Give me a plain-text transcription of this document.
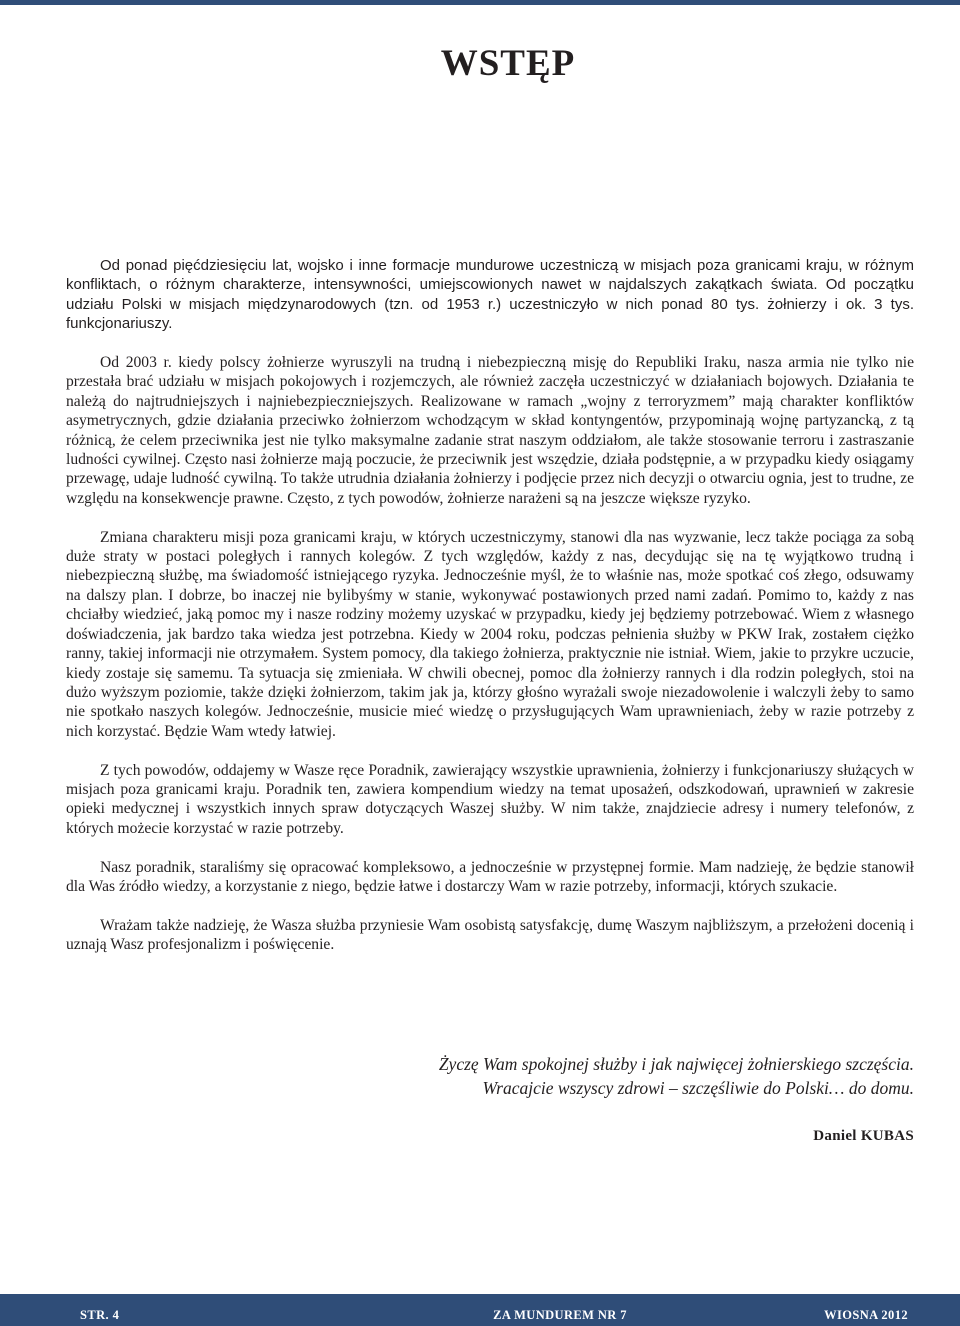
WSTĘP

Od ponad pięćdziesięciu lat, wojsko i inne formacje mundurowe uczestniczą w misjach poza granicami kraju, w różnym konfliktach, o różnym charakterze, intensywności, umiejscowionych nawet w najdalszych zakątkach świata. Od początku udziału Polski w misjach międzynarodowych (tzn. od 1953 r.) uczestniczyło w nich ponad 80 tys. żołnierzy i ok. 3 tys. funkcjonariuszy.

Od 2003 r. kiedy polscy żołnierze wyruszyli na trudną i niebezpieczną misję do Republiki Iraku, nasza armia nie tylko nie przestała brać udziału w misjach pokojowych i rozjemczych, ale również zaczęła uczestniczyć w działaniach bojowych. Działania te należą do najtrudniejszych i najniebezpieczniejszych. Realizowane w ramach „wojny z terroryzmem” mają charakter konfliktów asymetrycznych, gdzie działania przeciwko żołnierzom wchodzącym w skład kontyngentów, przypominają wojnę partyzancką, z tą różnicą, że celem przeciwnika jest nie tylko maksymalne zadanie strat naszym oddziałom, ale także stosowanie terroru i zastraszanie ludności cywilnej. Często nasi żołnierze mają poczucie, że przeciwnik jest wszędzie, działa podstępnie, a w przypadku kiedy osiągamy przewagę, udaje ludność cywilną. To także utrudnia działania żołnierzy i podjęcie przez nich decyzji o otwarciu ognia, jest to trudne, ze względu na konsekwencje prawne. Często, z tych powodów, żołnierze narażeni są na jeszcze większe ryzyko.

Zmiana charakteru misji poza granicami kraju, w których uczestniczymy, stanowi dla nas wyzwanie, lecz także pociąga za sobą duże straty w postaci poległych i rannych kolegów. Z tych względów, każdy z nas, decydując się na tę wyjątkowo trudną i niebezpieczną służbę, ma świadomość istniejącego ryzyka. Jednocześnie myśl, że to właśnie nas, może spotkać coś złego, odsuwamy na dalszy plan. I dobrze, bo inaczej nie bylibyśmy w stanie, wykonywać postawionych przed nami zadań. Pomimo to, każdy z nas chciałby wiedzieć, jaką pomoc my i nasze rodziny możemy uzyskać w przypadku, kiedy jej będziemy potrzebować. Wiem z własnego doświadczenia, jak bardzo taka wiedza jest potrzebna. Kiedy w 2004 roku, podczas pełnienia służby w PKW Irak, zostałem ciężko ranny, takiej informacji nie otrzymałem. System pomocy, dla takiego żołnierza, praktycznie nie istniał. Wiem, jakie to przykre uczucie, kiedy zostaje się samemu. Ta sytuacja się zmieniała. W chwili obecnej, pomoc dla żołnierzy rannych i dla rodzin poległych, stoi na dużo wyższym poziomie, także dzięki żołnierzom, takim jak ja, którzy głośno wyrażali swoje niezadowolenie i walczyli żeby to samo nie spotkało naszych kolegów. Jednocześnie, musicie mieć wiedzę o przysługujących Wam uprawnieniach, żeby w razie potrzeby z nich korzystać. Będzie Wam wtedy łatwiej.

Z tych powodów, oddajemy w Wasze ręce Poradnik, zawierający wszystkie uprawnienia, żołnierzy i funkcjonariuszy służących w misjach poza granicami kraju. Poradnik ten, zawiera kompendium wiedzy na temat uposażeń, odszkodowań, uprawnień w zakresie opieki medycznej i wszystkich innych spraw dotyczących Waszej służby. W nim także, znajdziecie adresy i numery telefonów, z których możecie korzystać w razie potrzeby.

Nasz poradnik, staraliśmy się opracować kompleksowo, a jednocześnie w przystępnej formie. Mam nadzieję, że będzie stanowił dla Was źródło wiedzy, a korzystanie z niego, będzie łatwe i dostarczy Wam w razie potrzeby, informacji, których szukacie.

Wrażam także nadzieję, że Wasza służba przyniesie Wam osobistą satysfakcję, dumę Waszym najbliższym, a przełożeni docenią i uznają Wasz profesjonalizm i poświęcenie.

Życzę Wam spokojnej służby i jak najwięcej żołnierskiego szczęścia.
Wracajcie wszyscy zdrowi – szczęśliwie do Polski… do domu.
Daniel KUBAS
STR. 4	ZA MUNDUREM NR 7	WIOSNA 2012
